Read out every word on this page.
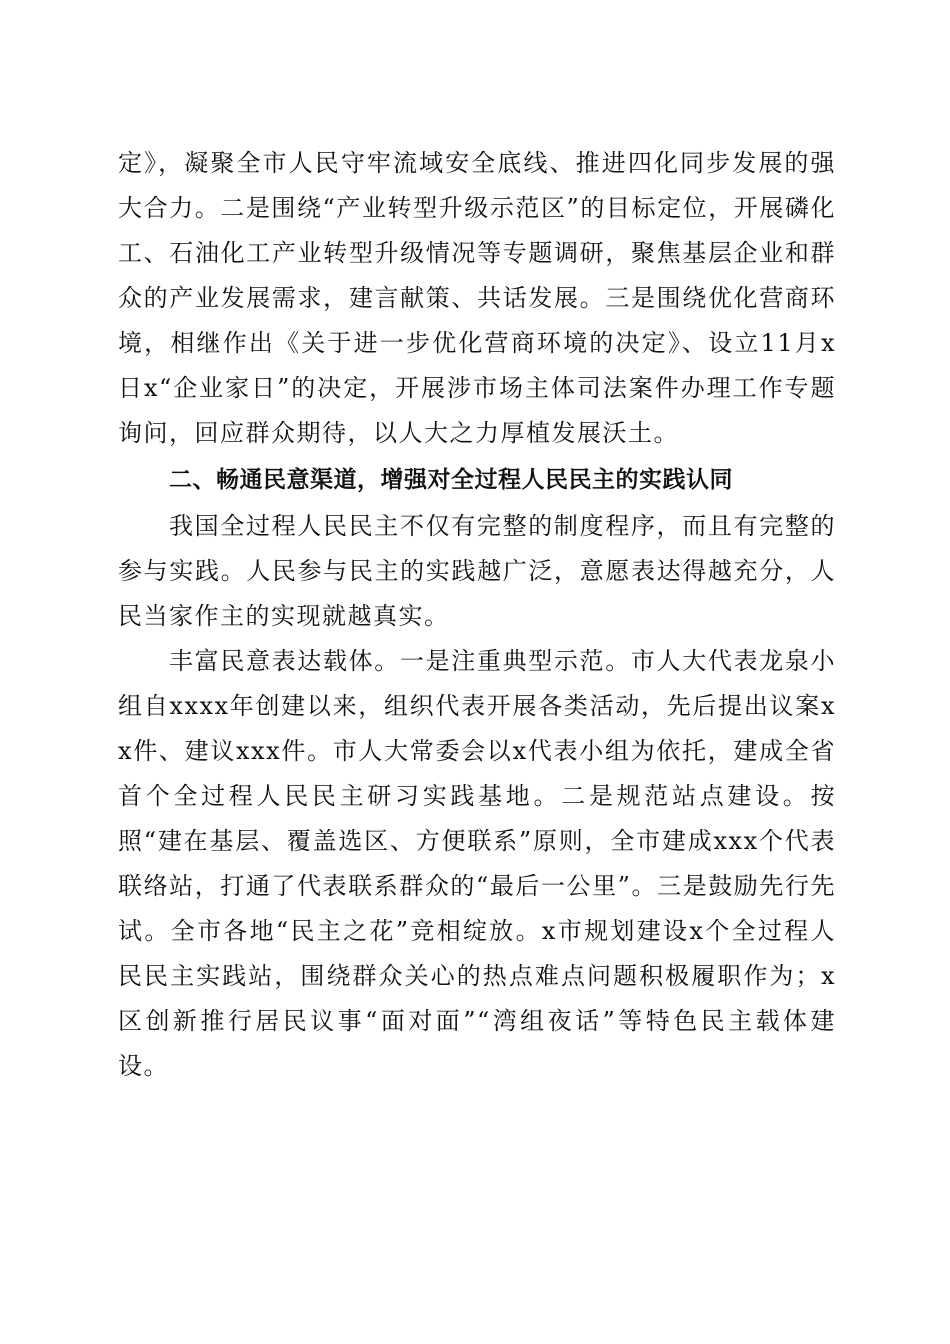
定》，凝聚全市人民守牢流域安全底线、推进四化同步发展的强大合力。二是围绕“产业转型升级示范区”的目标定位，开展磷化工、石油化工产业转型升级情况等专题调研，聚焦基层企业和群众的产业发展需求，建言献策、共话发展。三是围绕优化营商环境，相继作出《关于进一步优化营商环境的决定》、设立11月x日x“企业家日”的决定，开展涉市场主体司法案件办理工作专题询问，回应群众期待，以人大之力厚植发展沃土。

二、畅通民意渠道，增强对全过程人民民主的实践认同

我国全过程人民民主不仅有完整的制度程序，而且有完整的参与实践。人民参与民主的实践越广泛，意愿表达得越充分，人民当家作主的实现就越真实。

丰富民意表达载体。一是注重典型示范。市人大代表龙泉小组自xxxx年创建以来，组织代表开展各类活动，先后提出议案xx件、建议xxx件。市人大常委会以x代表小组为依托，建成全省首个全过程人民民主研习实践基地。二是规范站点建设。按照“建在基层、覆盖选区、方便联系”原则，全市建成xxx个代表联络站，打通了代表联系群众的“最后一公里”。三是鼓励先行先试。全市各地“民主之花”竞相绽放。x市规划建设x个全过程人民民主实践站，围绕群众关心的热点难点问题积极履职作为；x区创新推行居民议事“面对面”“湾组夜话”等特色民主载体建设。
